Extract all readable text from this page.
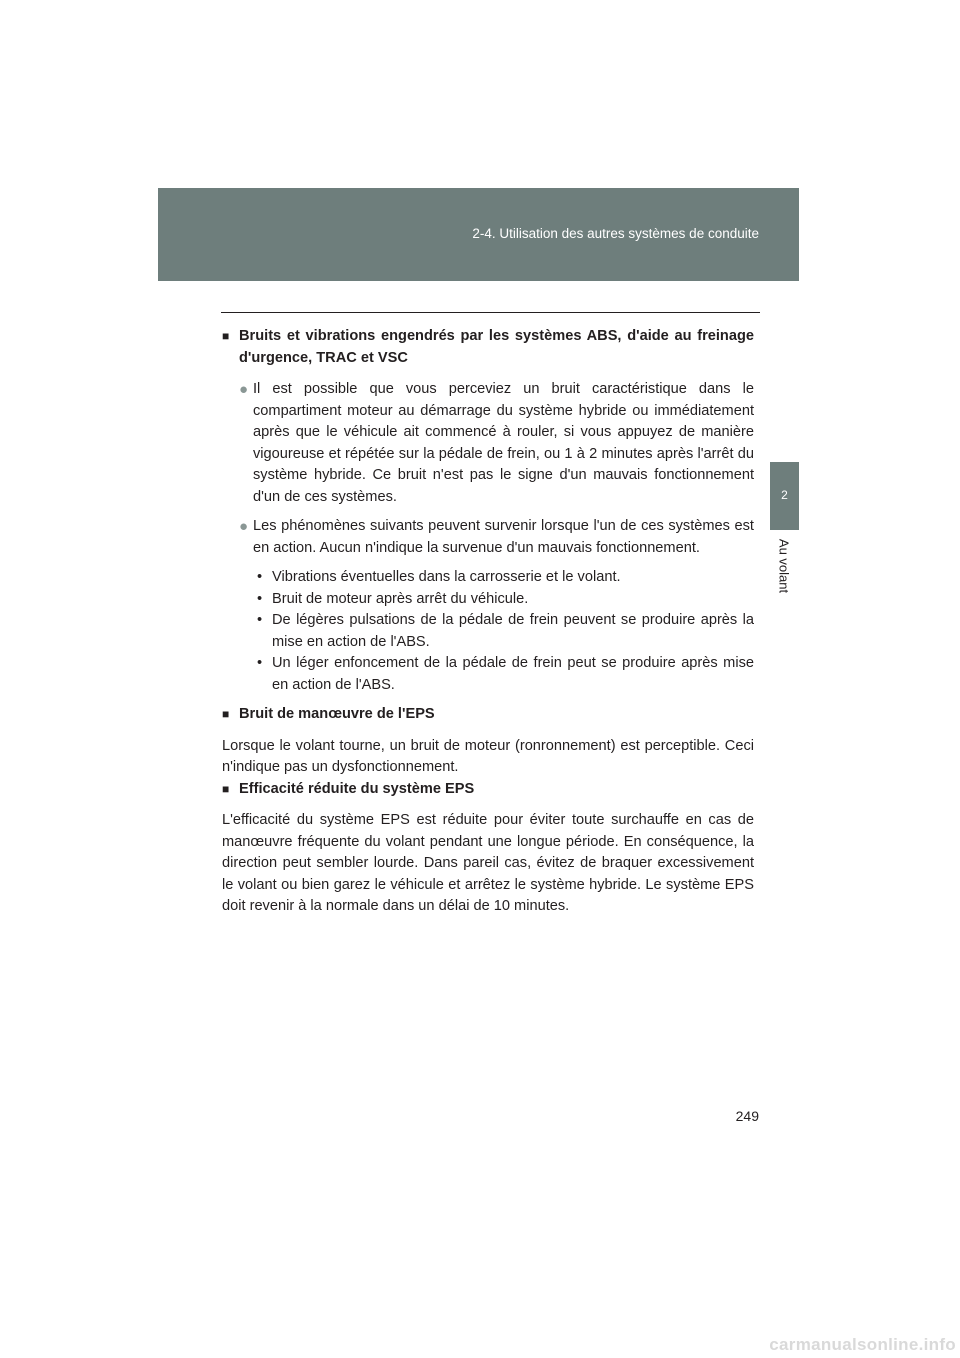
2-4. Utilisation des autres systèmes de conduite
2
Au volant
■ Bruits et vibrations engendrés par les systèmes ABS, d'aide au freinage d'urgence, TRAC et VSC
● Il est possible que vous perceviez un bruit caractéristique dans le compartiment moteur au démarrage du système hybride ou immédiatement après que le véhicule ait commencé à rouler, si vous appuyez de manière vigoureuse et répétée sur la pédale de frein, ou 1 à 2 minutes après l'arrêt du système hybride. Ce bruit n'est pas le signe d'un mauvais fonctionnement d'un de ces systèmes.
● Les phénomènes suivants peuvent survenir lorsque l'un de ces systèmes est en action. Aucun n'indique la survenue d'un mauvais fonctionnement.
• Vibrations éventuelles dans la carrosserie et le volant.
• Bruit de moteur après arrêt du véhicule.
• De légères pulsations de la pédale de frein peuvent se produire après la mise en action de l'ABS.
• Un léger enfoncement de la pédale de frein peut se produire après mise en action de l'ABS.
■ Bruit de manœuvre de l'EPS

Lorsque le volant tourne, un bruit de moteur (ronronnement) est perceptible. Ceci n'indique pas un dysfonctionnement.

■ Efficacité réduite du système EPS

L'efficacité du système EPS est réduite pour éviter toute surchauffe en cas de manœuvre fréquente du volant pendant une longue période. En conséquence, la direction peut sembler lourde. Dans pareil cas, évitez de braquer excessivement le volant ou bien garez le véhicule et arrêtez le système hybride. Le système EPS doit revenir à la normale dans un délai de 10 minutes.

249
carmanualsonline.info
